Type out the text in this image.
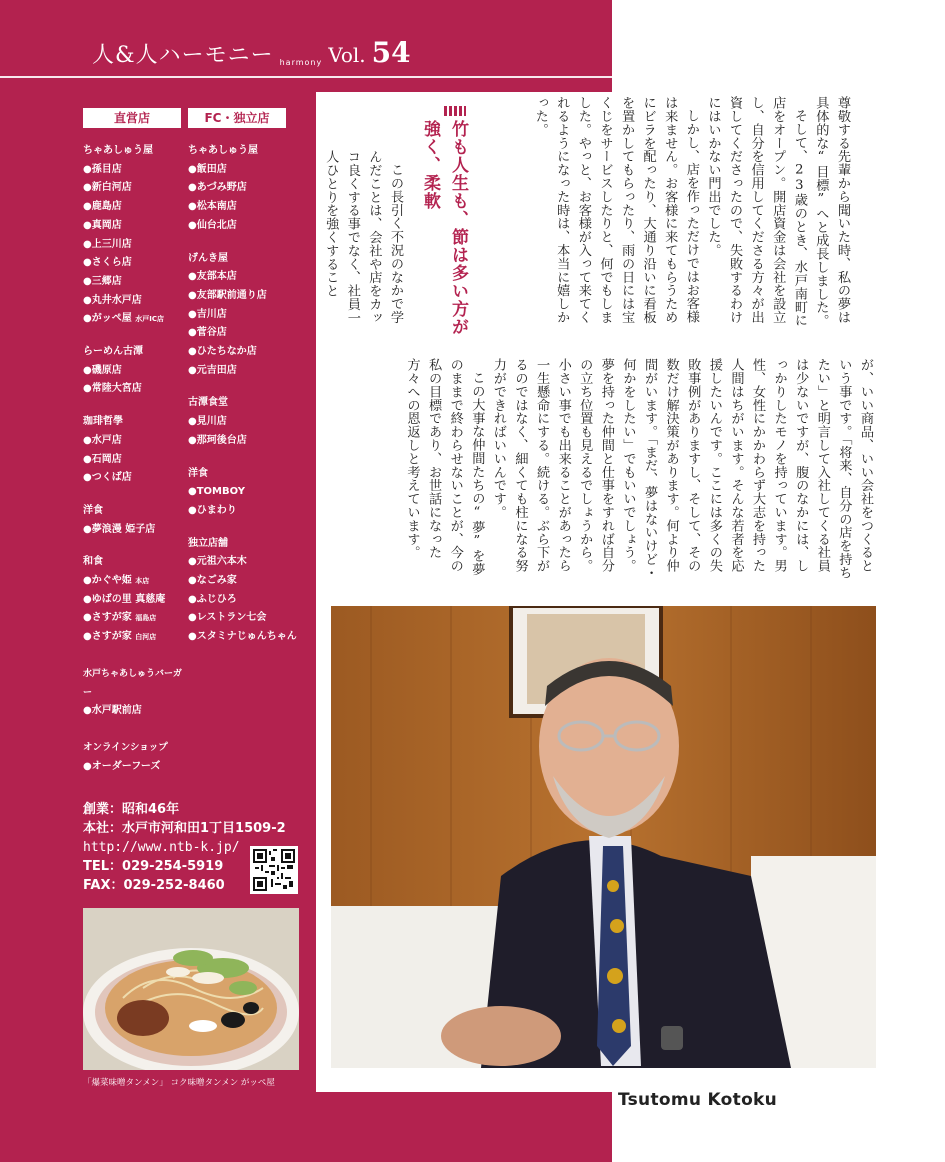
人&人ハーモニー harmony Vol. 54
直営店
ちゃあしゅう屋
●孫目店
●新白河店
●鹿島店
●真岡店
●上三川店
●さくら店
●三郷店
●丸井水戸店
●がッぺ屋 水戸IC店
らーめん古潭
●磯原店
●常陸大宮店
珈琲哲學
●水戸店
●石岡店
●つくば店
洋食
●夢浪漫 姫子店
和食
●かぐや姫 本店
●ゆばの里 真慈庵
●さすが家 福島店
●さすが家 白河店
水戸ちゃあしゅうバーガー
●水戸駅前店
オンラインショップ
●オーダーフーズ
FC・独立店
ちゃあしゅう屋
●飯田店
●あづみ野店
●松本南店
●仙台北店
げんき屋
●友部本店
●友部駅前通り店
●吉川店
●菅谷店
●ひたちなか店
●元吉田店
古潭食堂
●見川店
●那珂後台店
洋食
●TOMBOY
●ひまわり
独立店舗
●元祖六本木
●なごみ家
●ふじひろ
●レストラン七会
●スタミナじゅんちゃん
創業：昭和46年
本社：水戸市河和田1丁目1509-2
http://www.ntb-k.jp/
TEL：029-254-5919
FAX：029-252-8460
「爆菜味噌タンメン」 コク味噌タンメン がッぺ屋
竹も人生も、節は多い方が強く、柔軟	尊敬する先輩から聞いた時、私の夢は具体的な“目標”へと成長しました。

そして、23歳のとき、水戸南町に店をオープン。開店資金は会社を設立し、自分を信用してくださる方々が出資してくださったので、失敗するわけにはいかない門出でした。

しかし、店を作っただけではお客様は来ません。お客様に来てもらうためにビラを配ったり、大通り沿いに看板を置かしてもらったり、雨の日には宝くじをサービスしたりと、何でもしました。やっと、お客様が入って来てくれるようになった時は、本当に嬉しかった。

この長引く不況のなかで学んだことは、会社や店をカッコ良くする事でなく、社員一人ひとりを強くすること

が、いい商品、いい会社をつくるという事です。「将来、自分の店を持ちたい」と明言して入社してくる社員は少ないですが、腹のなかには、しっかりしたモノを持っています。男性、女性にかかわらず大志を持った人間はちがいます。そんな若者を応援したいんです。ここには多くの失敗事例がありますし、そして、その数だけ解決策があります。何より仲間がいます。「まだ、夢はないけど・何かをしたい」でもいいでしょう。夢を持った仲間と仕事をすれば自分の立ち位置も見えるでしょうから。小さい事でも出来ることがあったら一生懸命にする。続ける。ぶら下がるのではなく、細くても柱になる努力ができればいいんです。

この大事な仲間たちの“夢”を夢のままで終わらせないことが、今の私の目標であり、お世話になった方々への恩返しと考えています。

Tsutomu Kotoku
